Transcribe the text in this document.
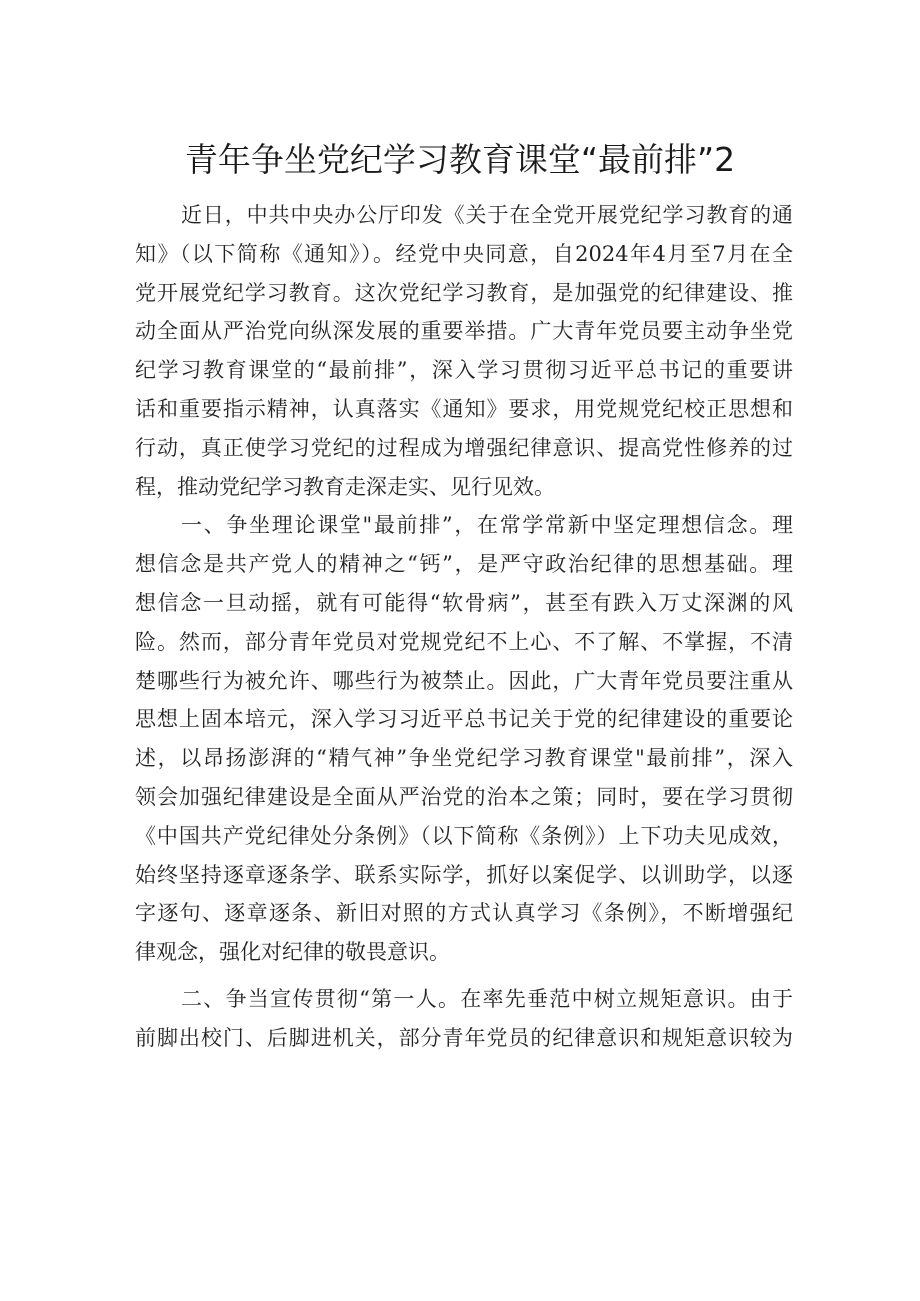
青年争坐党纪学习教育课堂“最前排”2
近日，中共中央办公厅印发《关于在全党开展党纪学习教育的通
知》（以下简称《通知》）。经党中央同意，自2024年4月至7月在全
党开展党纪学习教育。这次党纪学习教育，是加强党的纪律建设、推
动全面从严治党向纵深发展的重要举措。广大青年党员要主动争坐党
纪学习教育课堂的“最前排”，深入学习贯彻习近平总书记的重要讲
话和重要指示精神，认真落实《通知》要求，用党规党纪校正思想和
行动，真正使学习党纪的过程成为增强纪律意识、提高党性修养的过
程，推动党纪学习教育走深走实、见行见效。
一、争坐理论课堂"最前排”，在常学常新中坚定理想信念。理
想信念是共产党人的精神之“钙”，是严守政治纪律的思想基础。理
想信念一旦动摇，就有可能得“软骨病”，甚至有跌入万丈深渊的风
险。然而，部分青年党员对党规党纪不上心、不了解、不掌握，不清
楚哪些行为被允许、哪些行为被禁止。因此，广大青年党员要注重从
思想上固本培元，深入学习习近平总书记关于党的纪律建设的重要论
述，以昂扬澎湃的“精气神”争坐党纪学习教育课堂"最前排”，深入
领会加强纪律建设是全面从严治党的治本之策；同时，要在学习贯彻
《中国共产党纪律处分条例》（以下简称《条例》）上下功夫见成效，
始终坚持逐章逐条学、联系实际学，抓好以案促学、以训助学，以逐
字逐句、逐章逐条、新旧对照的方式认真学习《条例》，不断增强纪
律观念，强化对纪律的敬畏意识。
二、争当宣传贯彻“第一人。在率先垂范中树立规矩意识。由于
前脚出校门、后脚进机关，部分青年党员的纪律意识和规矩意识较为
